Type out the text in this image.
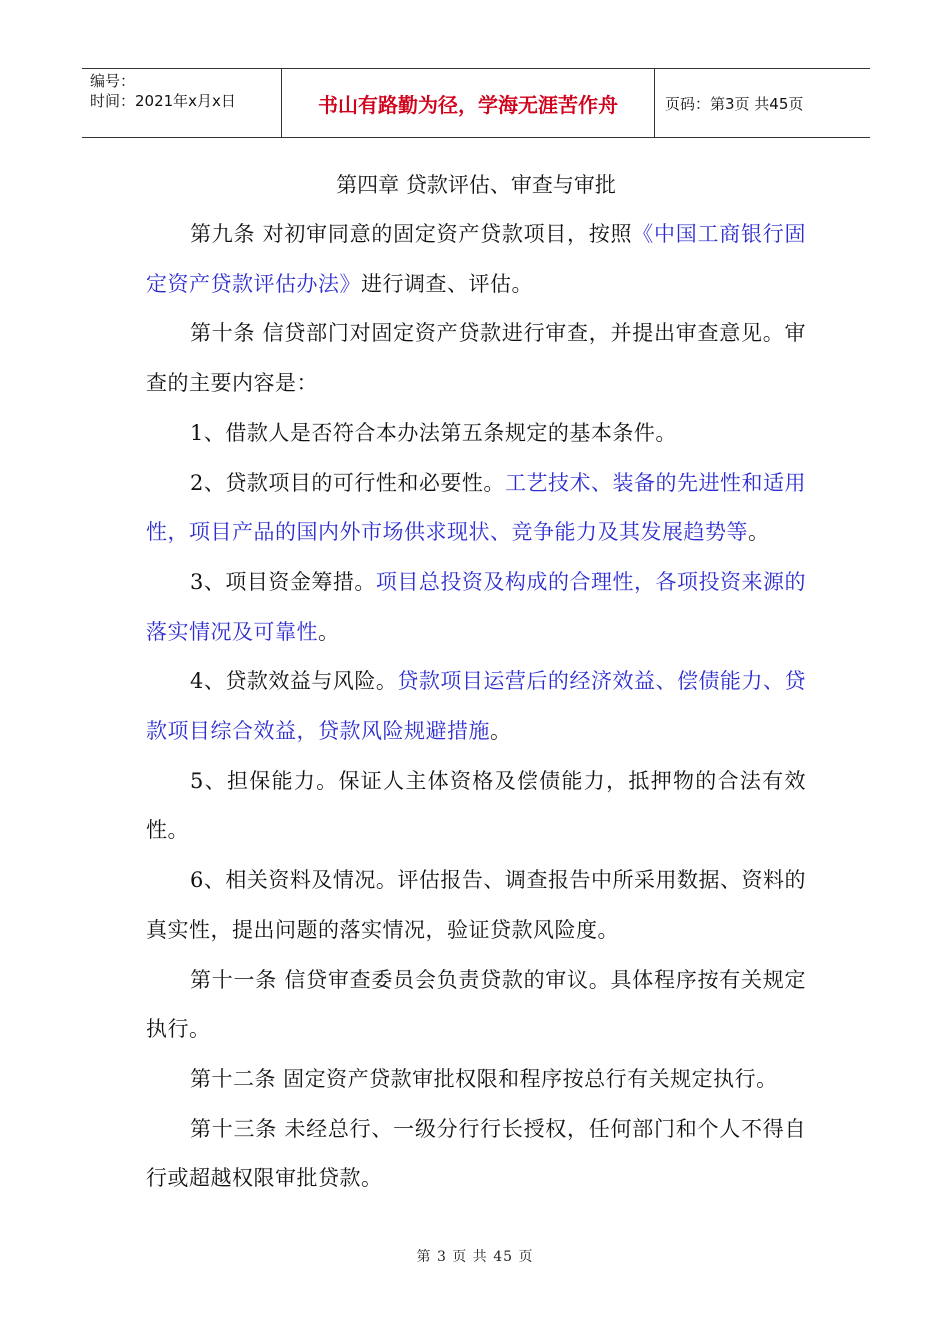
编号：
时间：2021年x月x日	书山有路勤为径，学海无涯苦作舟	页码：第3页 共45页
第四章 贷款评估、审查与审批

第九条 对初审同意的固定资产贷款项目，按照《中国工商银行固定资产贷款评估办法》进行调查、评估。

第十条 信贷部门对固定资产贷款进行审查，并提出审查意见。审查的主要内容是：

1、借款人是否符合本办法第五条规定的基本条件。

2、贷款项目的可行性和必要性。工艺技术、装备的先进性和适用性，项目产品的国内外市场供求现状、竞争能力及其发展趋势等。

3、项目资金筹措。项目总投资及构成的合理性，各项投资来源的落实情况及可靠性。

4、贷款效益与风险。贷款项目运营后的经济效益、偿债能力、贷款项目综合效益，贷款风险规避措施。

5、担保能力。保证人主体资格及偿债能力，抵押物的合法有效性。

6、相关资料及情况。评估报告、调查报告中所采用数据、资料的真实性，提出问题的落实情况，验证贷款风险度。

第十一条 信贷审查委员会负责贷款的审议。具体程序按有关规定执行。

第十二条 固定资产贷款审批权限和程序按总行有关规定执行。

第十三条 未经总行、一级分行行长授权，任何部门和个人不得自行或超越权限审批贷款。

第 3 页 共 45 页
